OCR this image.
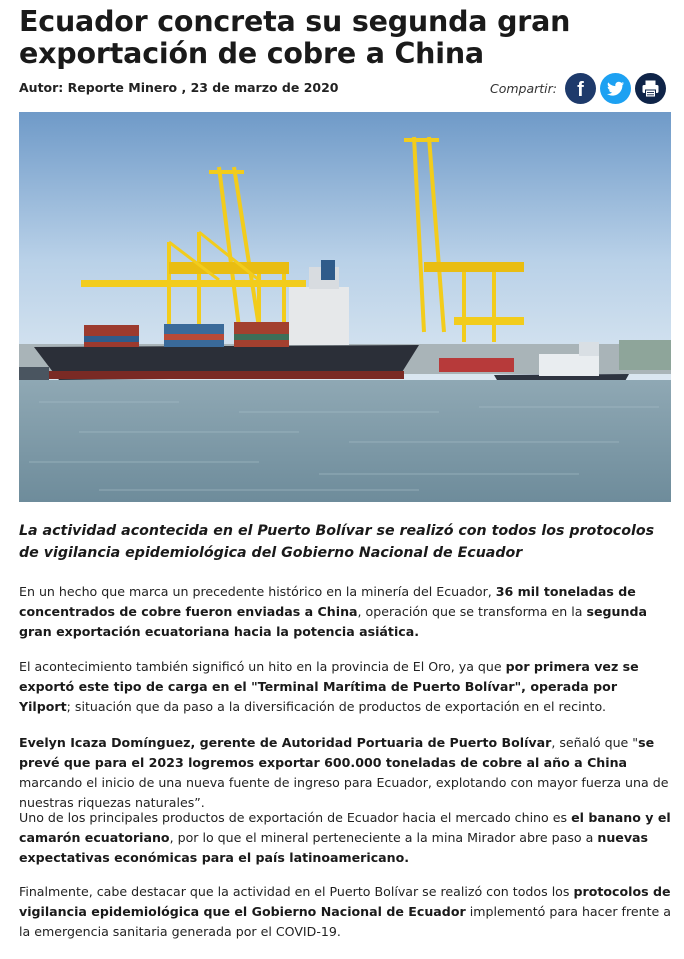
Ecuador concreta su segunda gran exportación de cobre a China
Autor: Reporte Minero , 23 de marzo de 2020	Compartir: f

La actividad acontecida en el Puerto Bolívar se realizó con todos los protocolos de vigilancia epidemiológica del Gobierno Nacional de Ecuador

En un hecho que marca un precedente histórico en la minería del Ecuador, 36 mil toneladas de concentrados de cobre fueron enviadas a China, operación que se transforma en la segunda gran exportación ecuatoriana hacia la potencia asiática.

El acontecimiento también significó un hito en la provincia de El Oro, ya que por primera vez se exportó este tipo de carga en el "Terminal Marítima de Puerto Bolívar", operada por Yilport; situación que da paso a la diversificación de productos de exportación en el recinto.

Evelyn Icaza Domínguez, gerente de Autoridad Portuaria de Puerto Bolívar, señaló que "se prevé que para el 2023 logremos exportar 600.000 toneladas de cobre al año a China marcando el inicio de una nueva fuente de ingreso para Ecuador, explotando con mayor fuerza una de nuestras riquezas naturales”.

Uno de los principales productos de exportación de Ecuador hacia el mercado chino es el banano y el camarón ecuatoriano, por lo que el mineral perteneciente a la mina Mirador abre paso a nuevas expectativas económicas para el país latinoamericano.

Finalmente, cabe destacar que la actividad en el Puerto Bolívar se realizó con todos los protocolos de vigilancia epidemiológica que el Gobierno Nacional de Ecuador implementó para hacer frente a la emergencia sanitaria generada por el COVID-19.
